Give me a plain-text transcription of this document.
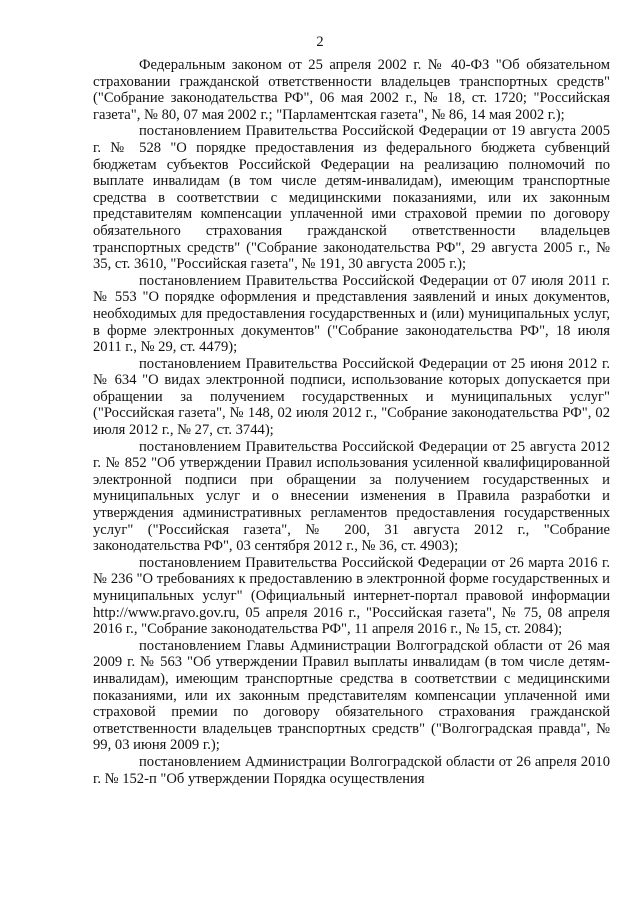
2

Федеральным законом от 25 апреля 2002 г. № 40-ФЗ "Об обязательном страховании гражданской ответственности владельцев транспортных средств" ("Собрание законодательства РФ", 06 мая 2002 г., № 18, ст. 1720; "Российская газета", № 80, 07 мая 2002 г.; "Парламентская газета", № 86, 14 мая 2002 г.);

постановлением Правительства Российской Федерации от 19 августа 2005 г. № 528 "О порядке предоставления из федерального бюджета субвенций бюджетам субъектов Российской Федерации на реализацию полномочий по выплате инвалидам (в том числе детям-инвалидам), имеющим транспортные средства в соответствии с медицинскими показаниями, или их законным представителям компенсации уплаченной ими страховой премии по договору обязательного страхования гражданской ответственности владельцев транспортных средств" ("Собрание законодательства РФ", 29 августа 2005 г., № 35, ст. 3610, "Российская газета", № 191, 30 августа 2005 г.);

постановлением Правительства Российской Федерации от 07 июля 2011 г. № 553 "О порядке оформления и представления заявлений и иных документов, необходимых для предоставления государственных и (или) муниципальных услуг, в форме электронных документов" ("Собрание законодательства РФ", 18 июля 2011 г., № 29, ст. 4479);

постановлением Правительства Российской Федерации от 25 июня 2012 г. № 634 "О видах электронной подписи, использование которых допускается при обращении за получением государственных и муниципальных услуг" ("Российская газета", № 148, 02 июля 2012 г., "Собрание законодательства РФ", 02 июля 2012 г., № 27, ст. 3744);

постановлением Правительства Российской Федерации от 25 августа 2012 г. № 852 "Об утверждении Правил использования усиленной квалифицированной электронной подписи при обращении за получением государственных и муниципальных услуг и о внесении изменения в Правила разработки и утверждения административных регламентов предоставления государственных услуг" ("Российская газета", № 200, 31 августа 2012 г., "Собрание законодательства РФ", 03 сентября 2012 г., № 36, ст. 4903);

постановлением Правительства Российской Федерации от 26 марта 2016 г. № 236 "О требованиях к предоставлению в электронной форме государственных и муниципальных услуг" (Официальный интернет-портал правовой информации http://www.pravo.gov.ru, 05 апреля 2016 г., "Российская газета", № 75, 08 апреля 2016 г., "Собрание законодательства РФ", 11 апреля 2016 г., № 15, ст. 2084);

постановлением Главы Администрации Волгоградской области от 26 мая 2009 г. № 563 "Об утверждении Правил выплаты инвалидам (в том числе детям-инвалидам), имеющим транспортные средства в соответствии с медицинскими показаниями, или их законным представителям компенсации уплаченной ими страховой премии по договору обязательного страхования гражданской ответственности владельцев транспортных средств" ("Волгоградская правда", № 99, 03 июня 2009 г.);

постановлением Администрации Волгоградской области от 26 апреля 2010 г. № 152-п "Об утверждении Порядка осуществления
